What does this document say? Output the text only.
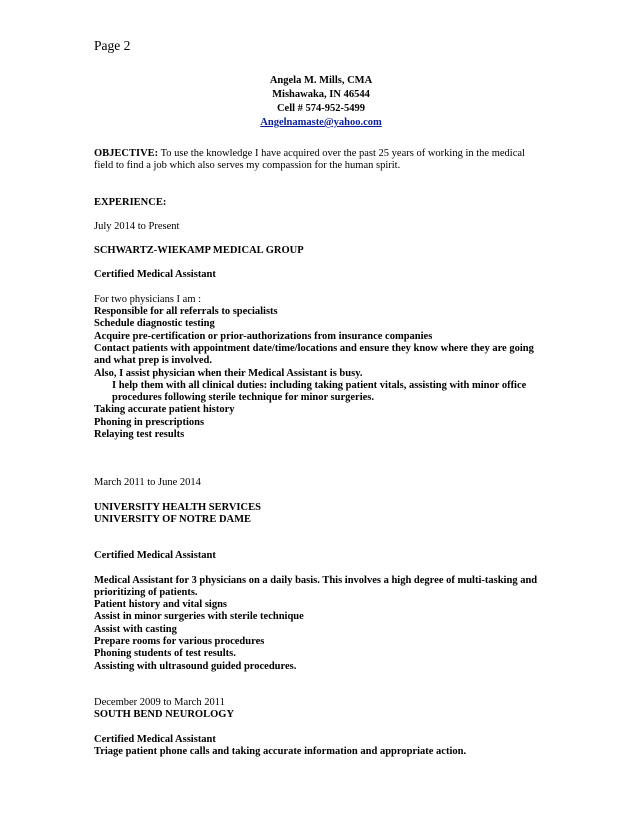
Page 2
Angela M. Mills, CMA
Mishawaka, IN 46544
Cell # 574-952-5499
Angelnamaste@yahoo.com

OBJECTIVE: To use the knowledge I have acquired over the past 25 years of working in the medical field to find a job which also serves my compassion for the human spirit.

EXPERIENCE:

July 2014 to Present

SCHWARTZ-WIEKAMP MEDICAL GROUP

Certified Medical Assistant

For two physicians I am :

Responsible for all referrals to specialists

Schedule diagnostic testing

Acquire pre-certification or prior-authorizations from insurance companies

Contact patients with appointment date/time/locations and ensure they know where they are going and what prep is involved.

Also, I assist physician when their Medical Assistant is busy.

I help them with all clinical duties: including taking patient vitals, assisting with minor office procedures following sterile technique for minor surgeries.

Taking accurate patient history

Phoning in prescriptions

Relaying test results

March 2011 to June 2014

UNIVERSITY HEALTH SERVICES

UNIVERSITY OF NOTRE DAME

Certified Medical Assistant

Medical Assistant for 3 physicians on a daily basis. This involves a high degree of multi-tasking and prioritizing of patients.

Patient history and vital signs

Assist in minor surgeries with sterile technique

Assist with casting

Prepare rooms for various procedures

Phoning students of test results.

Assisting with ultrasound guided procedures.

December 2009 to March 2011

SOUTH BEND NEUROLOGY

Certified Medical Assistant

Triage patient phone calls and taking accurate information and appropriate action.
